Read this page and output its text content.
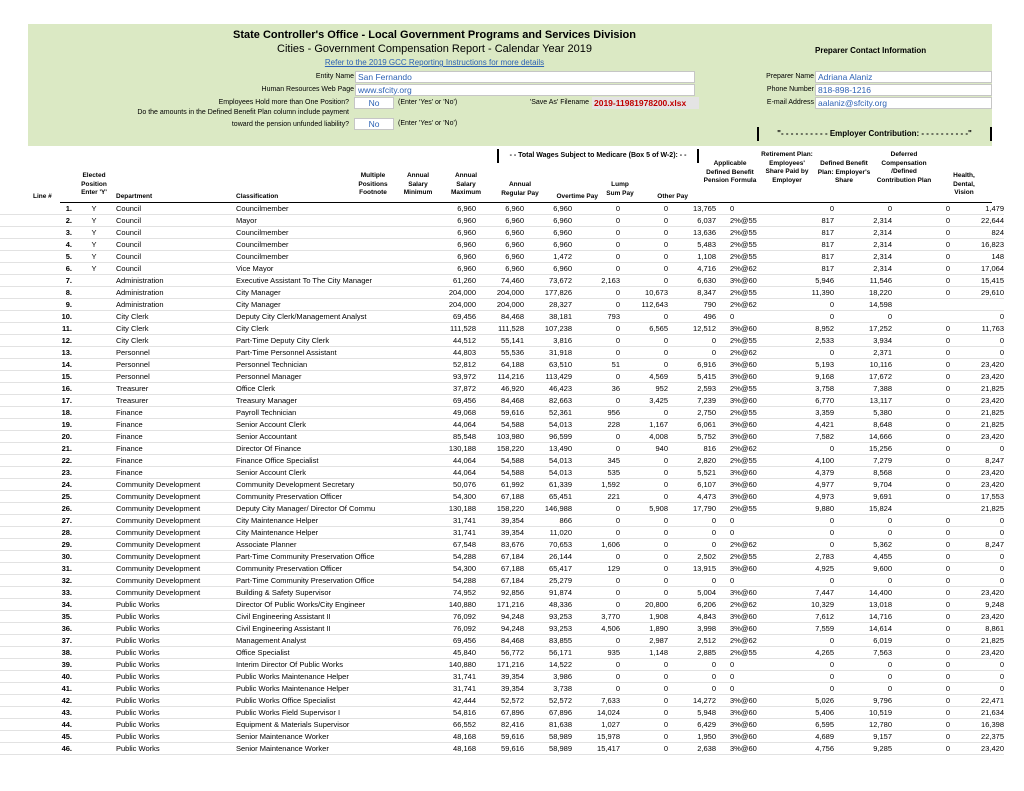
State Controller's Office - Local Government Programs and Services Division
Cities - Government Compensation Report - Calendar Year 2019
Refer to the 2019 GCC Reporting Instructions for more details
Preparer Contact Information
Entity Name San Fernando
Human Resources Web Page www.sfcity.org
Employees Hold more than One Position?	No	(Enter 'Yes' or 'No')	'Save As' Filename 2019-11981978200.xlsx
Do the amounts in the Defined Benefit Plan column include payment
toward the pension unfunded liability?	No	(Enter 'Yes' or 'No')
Preparer Name Adriana Alaniz
Phone Number 818-898-1216
E-mail Address aalaniz@sfcity.org
"- - - - - - - - - - Employer Contribution: - - - - - - - - - -"
- - Total Wages Subject to Medicare (Box 5 of W-2): - -
Line #
Elected Position Enter 'Y'
Department	Classification
Multiple Positions Footnote
Annual Salary Minimum
Annual Salary Maximum
Annual Regular Pay	Overtime Pay
Lump Sum Pay	Other Pay
Applicable Defined Benefit Pension Formula
Retirement Plan: Employees' Share Paid by Employer
Defined Benefit Plan: Employer's Share
Deferred Compensation /Defined Contribution Plan
Health, Dental, Vision
1.	Y	Council	Councilmember		6,960	6,960	6,960	0	0	13,765	0	0	0	0	1,479
2.	Y	Council	Mayor		6,960	6,960	6,960	0	0	6,037	2%@55	817	2,314	0	22,644
3.	Y	Council	Councilmember		6,960	6,960	6,960	0	0	13,636	2%@55	817	2,314	0	824
4.	Y	Council	Councilmember		6,960	6,960	6,960	0	0	5,483	2%@55	817	2,314	0	16,823
5.	Y	Council	Councilmember		6,960	6,960	1,472	0	0	1,108	2%@55	817	2,314	0	148
6.	Y	Council	Vice Mayor		6,960	6,960	6,960	0	0	4,716	2%@62	817	2,314	0	17,064
7.		Administration	Executive Assistant To The City Manager		61,260	74,460	73,672	2,163	0	6,630	3%@60	5,946	11,546	0	15,415
8.		Administration	City Manager		204,000	204,000	177,826	0	10,673	8,347	2%@55	11,390	18,220	0	29,610
9.		Administration	City Manager		204,000	204,000	28,327	0	112,643	790	2%@62	0	14,598		
10.		City Clerk	Deputy City Clerk/Management Analyst		69,456	84,468	38,181	793	0	496	0	0	0		0
11.		City Clerk	City Clerk		111,528	111,528	107,238	0	6,565	12,512	3%@60	8,952	17,252	0	11,763
12.		City Clerk	Part-Time Deputy City Clerk		44,512	55,141	3,816	0	0	0	2%@55	2,533	3,934	0	0
13.		Personnel	Part-Time Personnel Assistant		44,803	55,536	31,918	0	0	0	2%@62	0	2,371	0	0
14.		Personnel	Personnel Technician		52,812	64,188	63,510	51	0	6,916	3%@60	5,193	10,116	0	23,420
15.		Personnel	Personnel Manager		93,972	114,216	113,429	0	4,569	5,415	3%@60	9,168	17,672	0	23,420
16.		Treasurer	Office Clerk		37,872	46,920	46,423	36	952	2,593	2%@55	3,758	7,388	0	21,825
17.		Treasurer	Treasury Manager		69,456	84,468	82,663	0	3,425	7,239	3%@60	6,770	13,117	0	23,420
18.		Finance	Payroll Technician		49,068	59,616	52,361	956	0	2,750	2%@55	3,359	5,380	0	21,825
19.		Finance	Senior Account Clerk		44,064	54,588	54,013	228	1,167	6,061	3%@60	4,421	8,648	0	21,825
20.		Finance	Senior Accountant		85,548	103,980	96,599	0	4,008	5,752	3%@60	7,582	14,666	0	23,420
21.		Finance	Director Of Finance		130,188	158,220	13,490	0	940	816	2%@62	0	15,256	0	0
22.		Finance	Finance Office Specialist		44,064	54,588	54,013	345	0	2,820	2%@55	4,100	7,279	0	8,247
23.		Finance	Senior Account Clerk		44,064	54,588	54,013	535	0	5,521	3%@60	4,379	8,568	0	23,420
24.		Community Development	Community Development Secretary		50,076	61,992	61,339	1,592	0	6,107	3%@60	4,977	9,704	0	23,420
25.		Community Development	Community Preservation Officer		54,300	67,188	65,451	221	0	4,473	3%@60	4,973	9,691	0	17,553
26.		Community Development	Deputy City Manager/ Director Of Commu		130,188	158,220	146,988	0	5,908	17,790	2%@55	9,880	15,824		21,825
27.		Community Development	City Maintenance Helper		31,741	39,354	866	0	0	0	0	0	0	0	0
28.		Community Development	City Maintenance Helper		31,741	39,354	11,020	0	0	0	0	0	0	0	0
29.		Community Development	Associate Planner		67,548	83,676	70,653	1,606	0	0	2%@62	0	5,362	0	8,247
30.		Community Development	Part-Time Community Preservation Office		54,288	67,184	26,144	0	0	2,502	2%@55	2,783	4,455	0	0
31.		Community Development	Community Preservation Officer		54,300	67,188	65,417	129	0	13,915	3%@60	4,925	9,600	0	0
32.		Community Development	Part-Time Community Preservation Office		54,288	67,184	25,279	0	0	0	0	0	0	0	0
33.		Community Development	Building & Safety Supervisor		74,952	92,856	91,874	0	0	5,004	3%@60	7,447	14,400	0	23,420
34.		Public Works	Director Of Public Works/City Engineer		140,880	171,216	48,336	0	20,800	6,206	2%@62	10,329	13,018	0	9,248
35.		Public Works	Civil Engineering Assistant II		76,092	94,248	93,253	3,770	1,908	4,843	3%@60	7,612	14,716	0	23,420
36.		Public Works	Civil Engineering Assistant II		76,092	94,248	93,253	4,506	1,890	3,998	3%@60	7,559	14,614	0	8,861
37.		Public Works	Management Analyst		69,456	84,468	83,855	0	2,987	2,512	2%@62	0	6,019	0	21,825
38.		Public Works	Office Specialist		45,840	56,772	56,171	935	1,148	2,885	2%@55	4,265	7,563	0	23,420
39.		Public Works	Interim Director Of Public Works		140,880	171,216	14,522	0	0	0	0	0	0	0	0
40.		Public Works	Public Works Maintenance Helper		31,741	39,354	3,986	0	0	0	0	0	0	0	0
41.		Public Works	Public Works Maintenance Helper		31,741	39,354	3,738	0	0	0	0	0	0	0	0
42.		Public Works	Public Works Office Specialist		42,444	52,572	52,572	7,633	0	14,272	3%@60	5,026	9,796	0	22,471
43.		Public Works	Public Works Field Supervisor I		54,816	67,896	67,896	14,024	0	5,948	3%@60	5,406	10,519	0	21,634
44.		Public Works	Equipment & Materials Supervisor		66,552	82,416	81,638	1,027	0	6,429	3%@60	6,595	12,780	0	16,398
45.		Public Works	Senior Maintenance Worker		48,168	59,616	58,989	15,978	0	1,950	3%@60	4,689	9,157	0	22,375
46.		Public Works	Senior Maintenance Worker		48,168	59,616	58,989	15,417	0	2,638	3%@60	4,756	9,285	0	23,420
